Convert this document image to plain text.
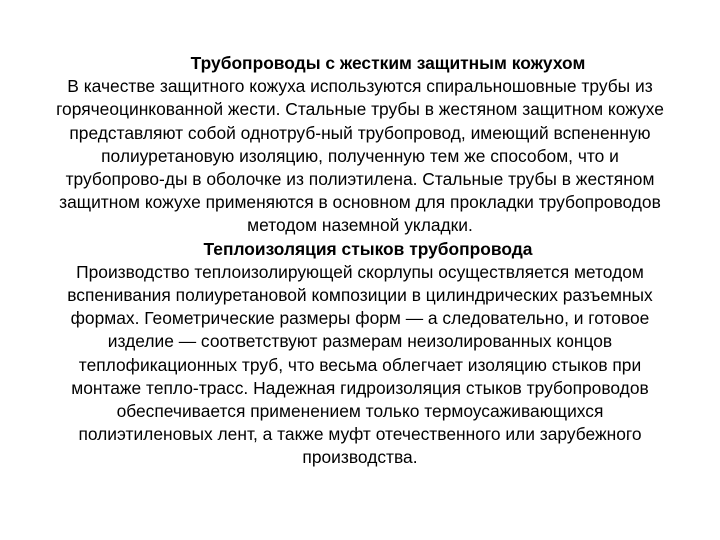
Трубопроводы с жестким защитным кожухом
В качестве защитного кожуха используются спиральношовные трубы из
горячеоцинкованной жести. Стальные трубы в жестяном защитном кожухе
представляют собой однотруб-ный трубопровод, имеющий вспененную
полиуретановую изоляцию, полученную тем же способом, что и
трубопрово-ды в оболочке из полиэтилена. Стальные трубы в жестяном
защитном кожухе применяются в основном для прокладки трубопроводов
методом наземной укладки.
Теплоизоляция стыков трубопровода
Производство теплоизолирующей скорлупы осуществляется методом
вспенивания полиуретановой композиции в цилиндрических разъемных
формах. Геометрические размеры форм — а следовательно, и готовое
изделие — соответствуют размерам неизолированных концов
теплофикационных труб, что весьма облегчает изоляцию стыков при
монтаже тепло-трасс. Надежная гидроизоляция стыков трубопроводов
обеспечивается применением только термоусаживающихся
полиэтиленовых лент, а также муфт отечественного или зарубежного
производства.
